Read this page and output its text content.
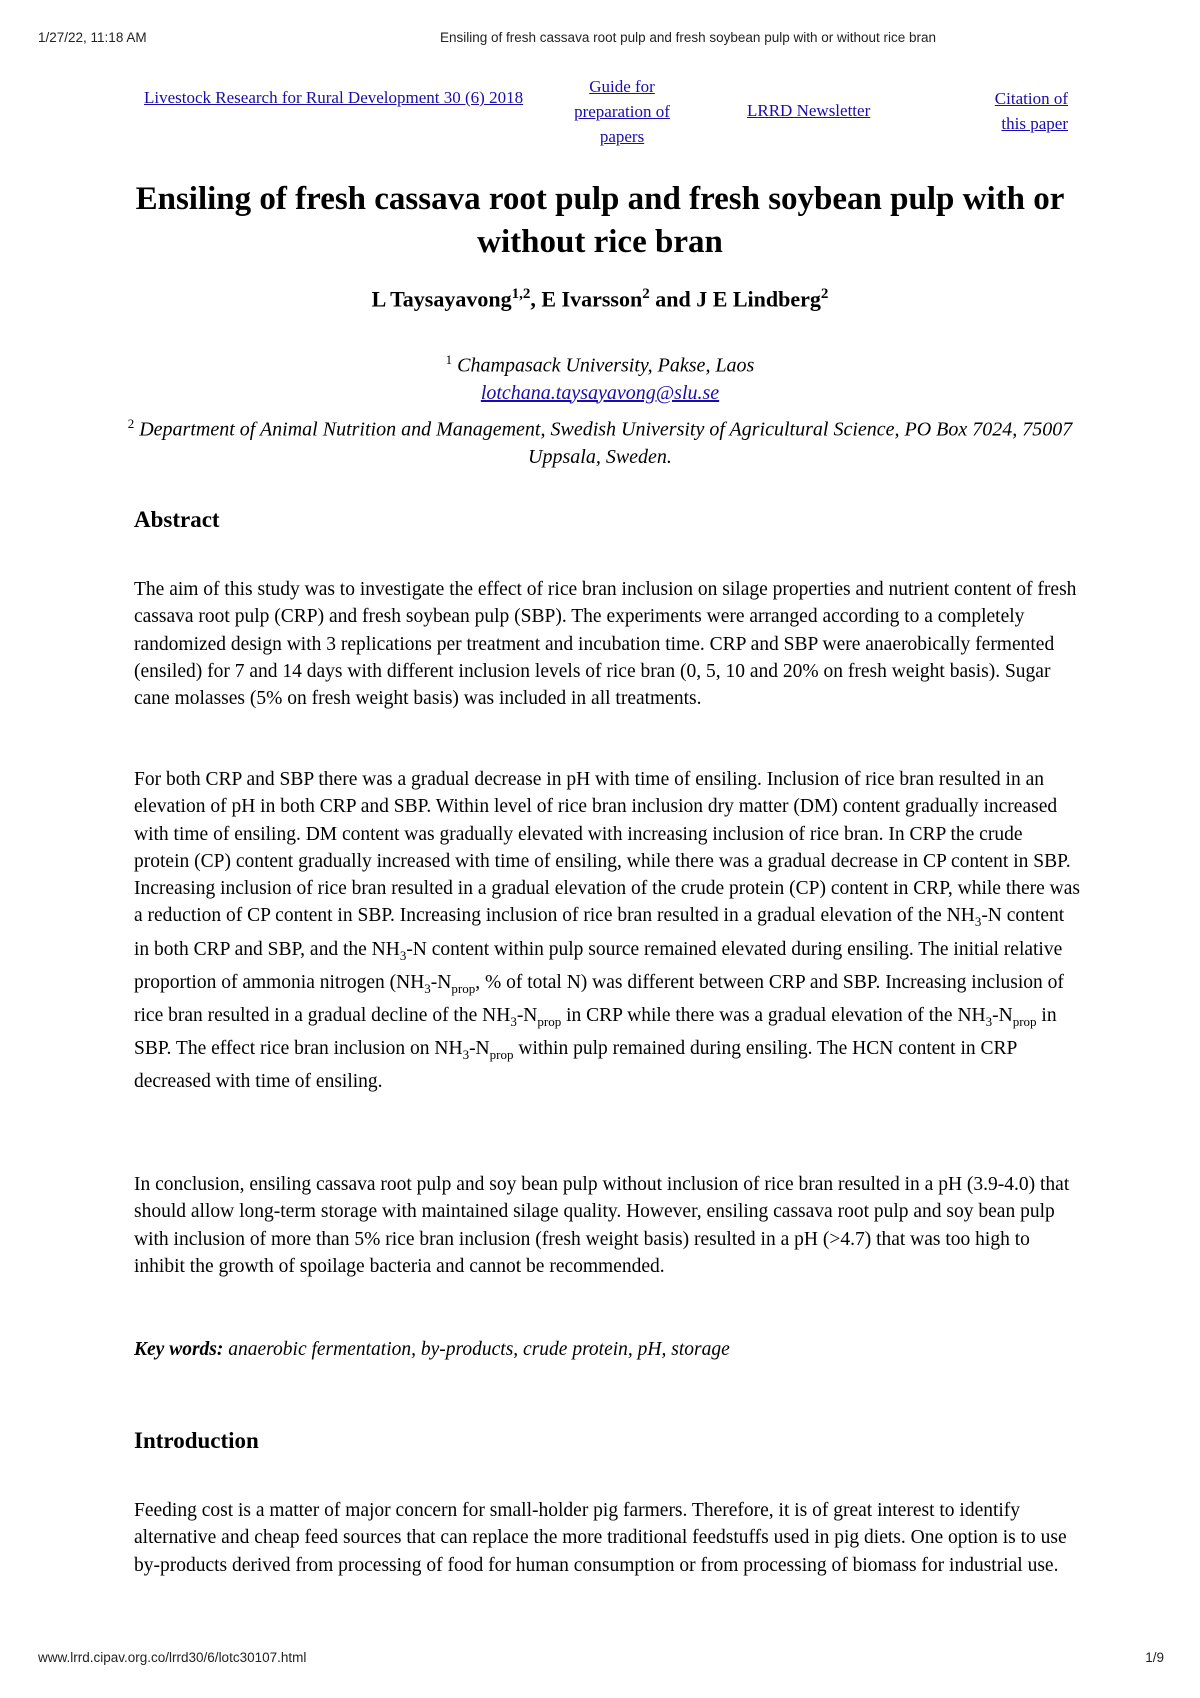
1/27/22, 11:18 AM	Ensiling of fresh cassava root pulp and fresh soybean pulp with or without rice bran
Livestock Research for Rural Development 30 (6) 2018
Guide for preparation of papers
LRRD Newsletter
Citation of this paper
Ensiling of fresh cassava root pulp and fresh soybean pulp with or without rice bran

L Taysayavong$^{1,2}$, E Ivarsson$^2$ and J E Lindberg$^2$

$^1$ Champasack University, Pakse, Laos
lotchana.taysayavong@slu.se

$^2$ Department of Animal Nutrition and Management, Swedish University of Agricultural Science, PO Box 7024, 75007 Uppsala, Sweden.

Abstract

The aim of this study was to investigate the effect of rice bran inclusion on silage properties and nutrient content of fresh cassava root pulp (CRP) and fresh soybean pulp (SBP). The experiments were arranged according to a completely randomized design with 3 replications per treatment and incubation time. CRP and SBP were anaerobically fermented (ensiled) for 7 and 14 days with different inclusion levels of rice bran (0, 5, 10 and 20% on fresh weight basis). Sugar cane molasses (5% on fresh weight basis) was included in all treatments.

For both CRP and SBP there was a gradual decrease in pH with time of ensiling. Inclusion of rice bran resulted in an elevation of pH in both CRP and SBP. Within level of rice bran inclusion dry matter (DM) content gradually increased with time of ensiling. DM content was gradually elevated with increasing inclusion of rice bran. In CRP the crude protein (CP) content gradually increased with time of ensiling, while there was a gradual decrease in CP content in SBP. Increasing inclusion of rice bran resulted in a gradual elevation of the crude protein (CP) content in CRP, while there was a reduction of CP content in SBP. Increasing inclusion of rice bran resulted in a gradual elevation of the $NH_3-N$ content in both CRP and SBP, and the $NH_3-N$ content within pulp source remained elevated during ensiling. The initial relative proportion of ammonia nitrogen ($NH_3-N_{prop}$, % of total N) was different between CRP and SBP. Increasing inclusion of rice bran resulted in a gradual decline of the $NH_3-N_{prop}$ in CRP while there was a gradual elevation of the $NH_3-N_{prop}$ in SBP. The effect rice bran inclusion on $NH_3-N_{prop}$ within pulp remained during ensiling. The HCN content in CRP decreased with time of ensiling.

In conclusion, ensiling cassava root pulp and soy bean pulp without inclusion of rice bran resulted in a pH (3.9-4.0) that should allow long-term storage with maintained silage quality. However, ensiling cassava root pulp and soy bean pulp with inclusion of more than 5% rice bran inclusion (fresh weight basis) resulted in a pH (>4.7) that was too high to inhibit the growth of spoilage bacteria and cannot be recommended.

Key words: anaerobic fermentation, by-products, crude protein, pH, storage

Introduction

Feeding cost is a matter of major concern for small-holder pig farmers. Therefore, it is of great interest to identify alternative and cheap feed sources that can replace the more traditional feedstuffs used in pig diets. One option is to use by-products derived from processing of food for human consumption or from processing of biomass for industrial use.

www.lrrd.cipav.org.co/lrrd30/6/lotc30107.html	1/9
